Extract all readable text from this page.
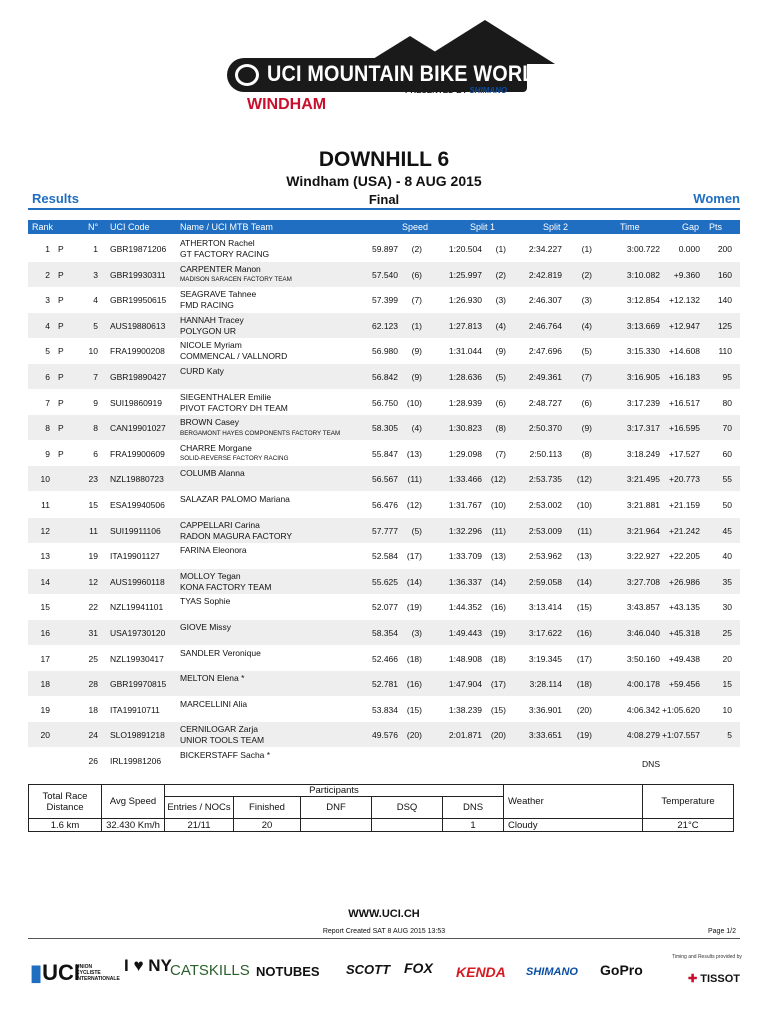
UCI MOUNTAIN BIKE WORLD CUP
PRESENTED BY SHIMANO
WINDHAM
DOWNHILL 6
Windham (USA) - 8 AUG 2015
Final
Results	Women
Rank	N° UCI Code	Name / UCI MTB Team	Speed	Split 1	Split 2	Time	Gap Pts
1 P	1 GBR19871206
ATHERTON Rachel
GT FACTORY RACING	59.897 (2)	1:20.504 (1)	2:34.227 (1)	3:00.722 0.000 200
2 P	3 GBR19930311
CARPENTER Manon
MADISON SARACEN FACTORY TEAM	57.540 (6)	1:25.997 (2)	2:42.819 (2)	3:10.082 +9.360 160
3 P	4 GBR19950615
SEAGRAVE Tahnee
FMD RACING	57.399 (7)	1:26.930 (3)	2:46.307 (3)	3:12.854 +12.132 140
4 P	5 AUS19880613
HANNAH Tracey
POLYGON UR	62.123 (1)	1:27.813 (4)	2:46.764 (4)	3:13.669 +12.947 125
5 P	10 FRA19900208
NICOLE Myriam
COMMENCAL / VALLNORD	56.980 (9)	1:31.044 (9)	2:47.696 (5)	3:15.330 +14.608 110
6 P	7 GBR19890427
CURD Katy
56.842 (9)	1:28.636 (5)	2:49.361 (7)	3:16.905 +16.183	95
7 P	9 SUI19860919
SIEGENTHALER Emilie
PIVOT FACTORY DH TEAM	56.750 (10)	1:28.939 (6)	2:48.727 (6)	3:17.239 +16.517	80
8 P	8 CAN19901027
BROWN Casey
BERGAMONT HAYES COMPONENTS FACTORY TEAM	58.305 (4)	1:30.823 (8)	2:50.370 (9)	3:17.317 +16.595	70
9 P	6 FRA19900609
CHARRE Morgane
SOLID-REVERSE FACTORY RACING	55.847 (13)	1:29.098 (7)	2:50.113 (8)	3:18.249 +17.527	60
10	23 NZL19880723
COLUMB Alanna
56.567 (11)	1:33.466 (12)	2:53.735 (12)	3:21.495 +20.773	55
11	15 ESA19940506
SALAZAR PALOMO Mariana
56.476 (12)	1:31.767 (10)	2:53.002 (10)	3:21.881 +21.159	50
12	11 SUI19911106
CAPPELLARI Carina
RADON MAGURA FACTORY	57.777 (5)	1:32.296 (11)	2:53.009 (11)	3:21.964 +21.242	45
13	19 ITA19901127
FARINA Eleonora
52.584 (17)	1:33.709 (13)	2:53.962 (13)	3:22.927 +22.205	40
14	12 AUS19960118
MOLLOY Tegan
KONA FACTORY TEAM	55.625 (14)	1:36.337 (14)	2:59.058 (14)	3:27.708 +26.986	35
15	22 NZL19941101
TYAS Sophie
52.077 (19)	1:44.352 (16)	3:13.414 (15)	3:43.857 +43.135	30
16	31 USA19730120
GIOVE Missy
58.354 (3)	1:49.443 (19)	3:17.622 (16)	3:46.040 +45.318	25
17	25 NZL19930417
SANDLER Veronique
52.466 (18)	1:48.908 (18)	3:19.345 (17)	3:50.160 +49.438	20
18	28 GBR19970815
MELTON Elena *
52.781 (16)	1:47.904 (17)	3:28.114 (18)	4:00.178 +59.456	15
19	18 ITA19910711
MARCELLINI Alia
53.834 (15)	1:38.239 (15)	3:36.901 (20)	4:06.342 +1:05.620	10
20	24 SLO19891218
CERNILOGAR Zarja
UNIOR TOOLS TEAM	49.576 (20)	2:01.871 (20)	3:33.651 (19)	4:08.279 +1:07.557	5
26 IRL19981206
BICKERSTAFF Sacha *
DNS
Total Race Distance	Avg Speed	Participants					Weather	Temperature
		Entries / NOCs	Finished	DNF	DSQ	DNS		
1.6 km	32.430 Km/h	21/11	20			1	Cloudy	21°C
WWW.UCI.CH
Report Created SAT 8 AUG 2015 13:53	Page 1/2
▮UCI
UNION CYCLISTE INTERNATIONALE
I ♥ NY
CATSKILLS NOTUBES SCOTT FOX KENDA SHIMANO GoPro
Timing and Results provided by
✚ TISSOT
